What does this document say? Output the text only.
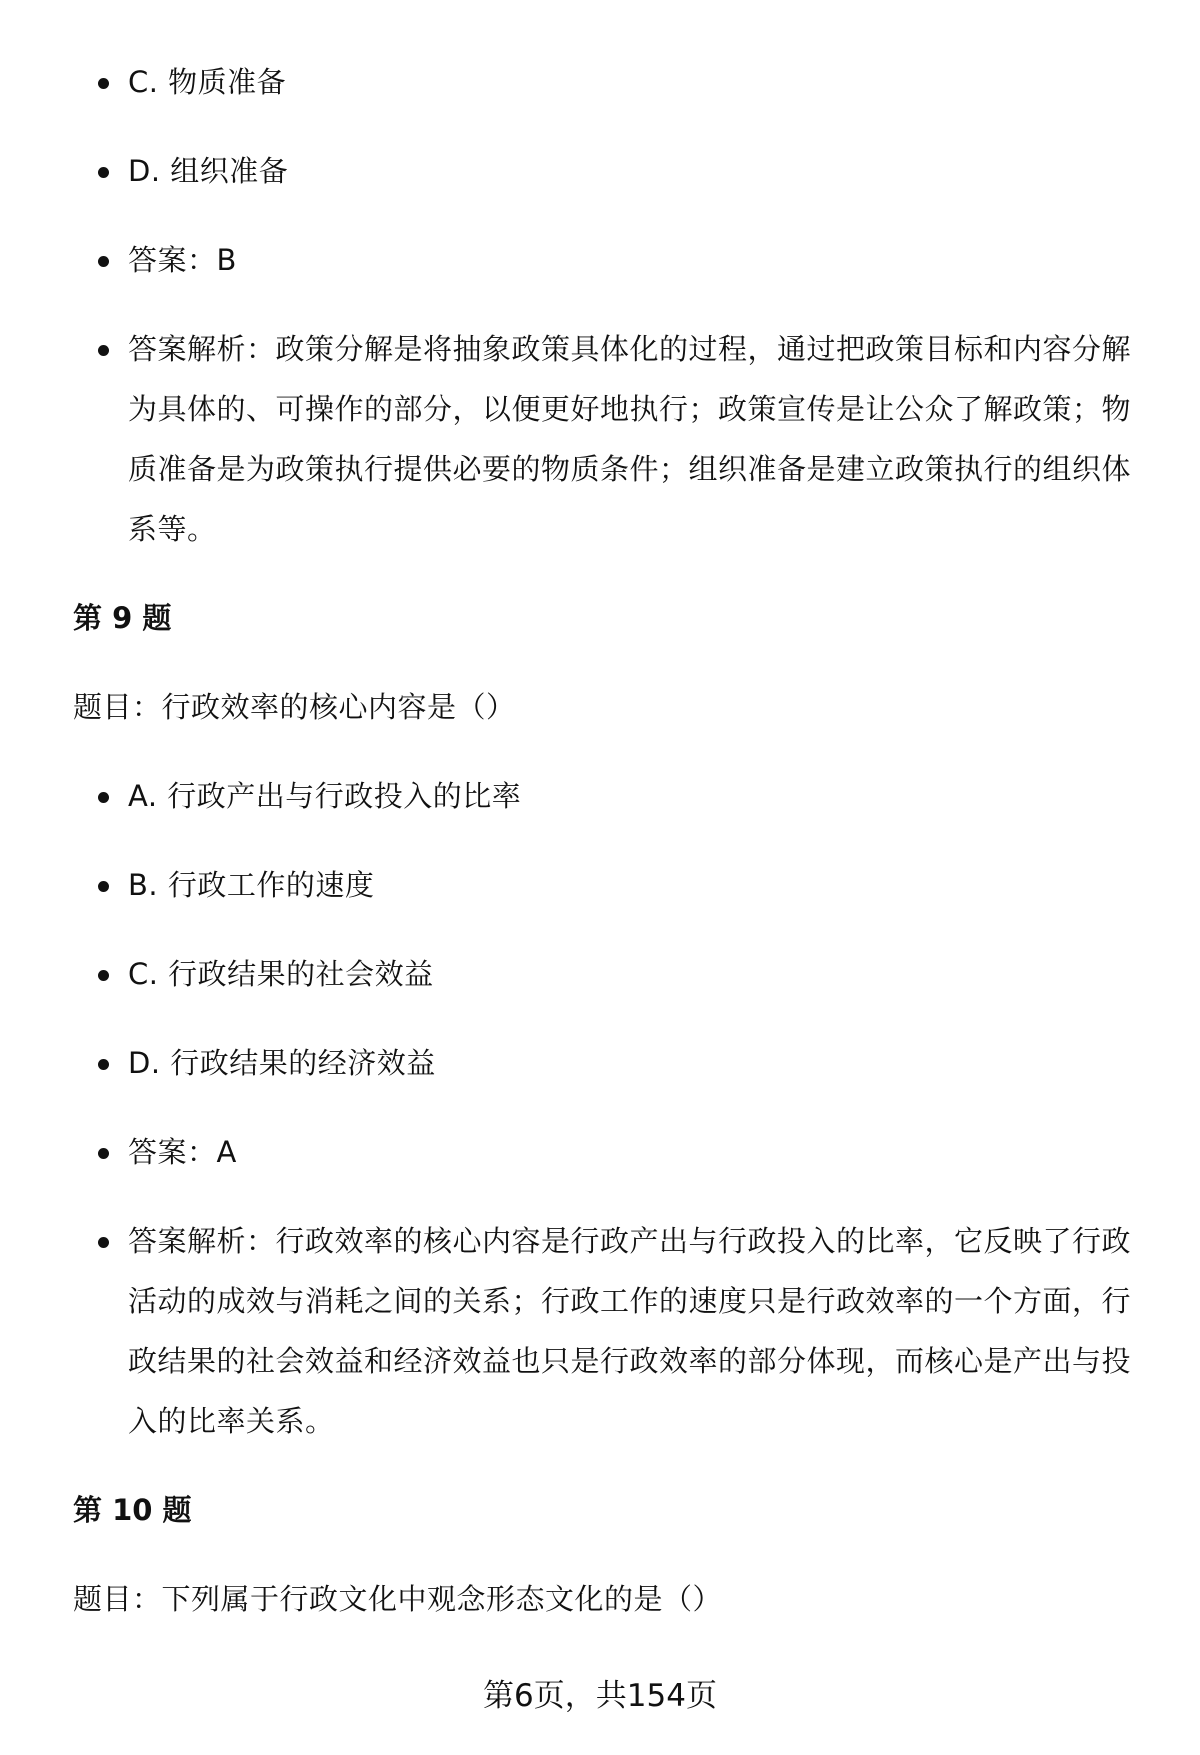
C. 物质准备
D. 组织准备
答案：B
答案解析：政策分解是将抽象政策具体化的过程，通过把政策目标和内容分解为具体的、可操作的部分，以便更好地执行；政策宣传是让公众了解政策；物质准备是为政策执行提供必要的物质条件；组织准备是建立政策执行的组织体系等。
第 9 题
题目：行政效率的核心内容是（）
A. 行政产出与行政投入的比率
B. 行政工作的速度
C. 行政结果的社会效益
D. 行政结果的经济效益
答案：A
答案解析：行政效率的核心内容是行政产出与行政投入的比率，它反映了行政活动的成效与消耗之间的关系；行政工作的速度只是行政效率的一个方面，行政结果的社会效益和经济效益也只是行政效率的部分体现，而核心是产出与投入的比率关系。
第 10 题
题目：下列属于行政文化中观念形态文化的是（）
第6页，共154页
